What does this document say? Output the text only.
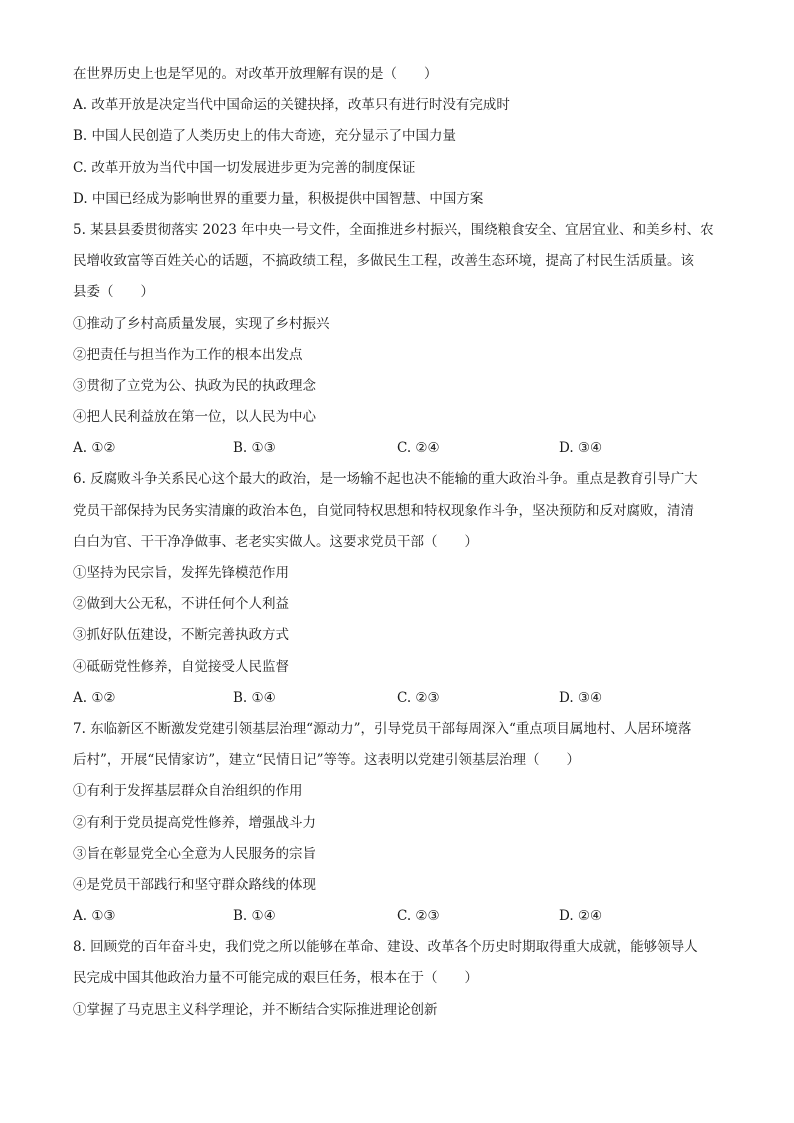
在世界历史上也是罕见的。对改革开放理解有误的是（　　）
A. 改革开放是决定当代中国命运的关键抉择，改革只有进行时没有完成时
B. 中国人民创造了人类历史上的伟大奇迹，充分显示了中国力量
C. 改革开放为当代中国一切发展进步更为完善的制度保证
D. 中国已经成为影响世界的重要力量，积极提供中国智慧、中国方案
5. 某县县委贯彻落实 2023 年中央一号文件，全面推进乡村振兴，围绕粮食安全、宜居宜业、和美乡村、农
民增收致富等百姓关心的话题，不搞政绩工程，多做民生工程，改善生态环境，提高了村民生活质量。该
县委（　　）
①推动了乡村高质量发展，实现了乡村振兴
②把责任与担当作为工作的根本出发点
③贯彻了立党为公、执政为民的执政理念
④把人民利益放在第一位，以人民为中心
A. ①②	B. ①③	C. ②④	D. ③④
6. 反腐败斗争关系民心这个最大的政治，是一场输不起也决不能输的重大政治斗争。重点是教育引导广大
党员干部保持为民务实清廉的政治本色，自觉同特权思想和特权现象作斗争，坚决预防和反对腐败，清清
白白为官、干干净净做事、老老实实做人。这要求党员干部（　　）
①坚持为民宗旨，发挥先锋模范作用
②做到大公无私，不讲任何个人利益
③抓好队伍建设，不断完善执政方式
④砥砺党性修养，自觉接受人民监督
A. ①②	B. ①④	C. ②③	D. ③④
7. 东临新区不断激发党建引领基层治理“源动力”，引导党员干部每周深入“重点项目属地村、人居环境落
后村”，开展“民情家访”，建立“民情日记”等等。这表明以党建引领基层治理（　　）
①有利于发挥基层群众自治组织的作用
②有利于党员提高党性修养，增强战斗力
③旨在彰显党全心全意为人民服务的宗旨
④是党员干部践行和坚守群众路线的体现
A. ①③	B. ①④	C. ②③	D. ②④
8. 回顾党的百年奋斗史，我们党之所以能够在革命、建设、改革各个历史时期取得重大成就，能够领导人
民完成中国其他政治力量不可能完成的艰巨任务，根本在于（　　）
①掌握了马克思主义科学理论，并不断结合实际推进理论创新
